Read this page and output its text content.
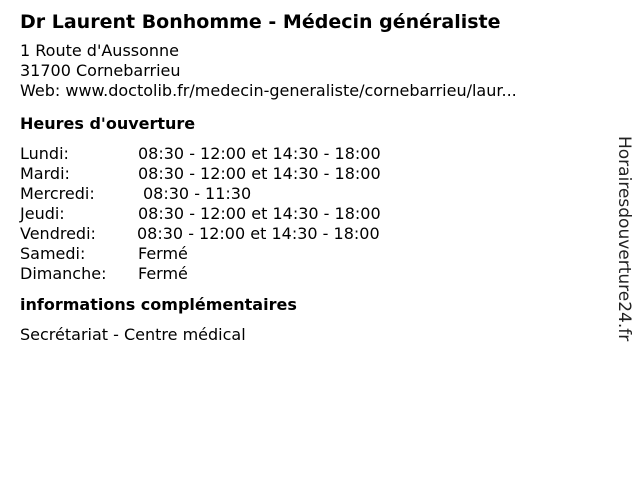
Dr Laurent Bonhomme - Médecin généraliste
1 Route d'Aussonne
31700 Cornebarrieu
Web: www.doctolib.fr/medecin-generaliste/cornebarrieu/laur...
Heures d'ouverture
Lundi:	08:30 - 12:00 et 14:30 - 18:00
Mardi:	08:30 - 12:00 et 14:30 - 18:00
Mercredi:	08:30 - 11:30
Jeudi:	08:30 - 12:00 et 14:30 - 18:00
Vendredi:	08:30 - 12:00 et 14:30 - 18:00
Samedi:	Fermé
Dimanche:	Fermé
informations complémentaires
Secrétariat - Centre médical	Horairesdouverture24.fr
